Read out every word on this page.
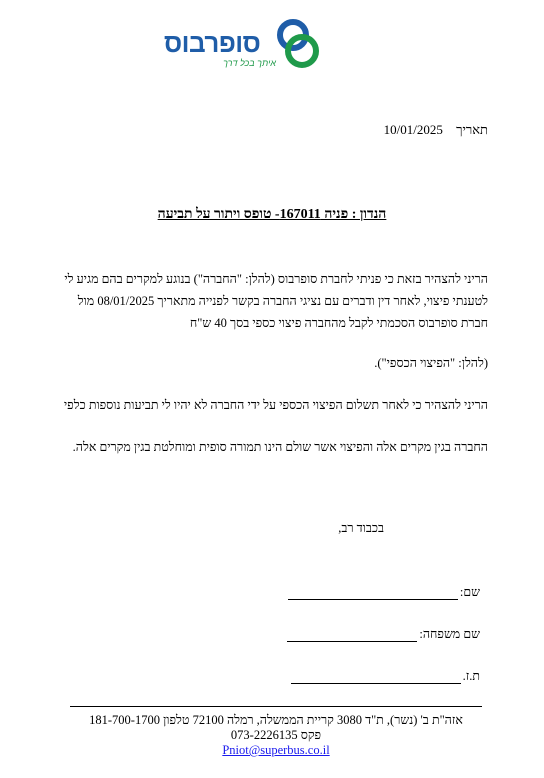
סופרבוס
איתך בכל דרך
תאריך 10/01/2025
הנדון : פניה 167011- טופס ויתור על תביעה
הריני להצהיר בזאת כי פניתי לחברת סופרבוס (להלן: "החברה") בנוגע למקרים בהם מגיע לי לטענתי פיצוי, לאחר דין ודברים עם נציגי החברה בקשר לפנייה מתאריך 08/01/2025 מול חברת סופרבוס הסכמתי לקבל מהחברה פיצוי כספי בסך 40 ש"ח
(להלן: "הפיצוי הכספי").
הריני להצהיר כי לאחר תשלום הפיצוי הכספי על ידי החברה לא יהיו לי תביעות נוספות כלפי
החברה בגין מקרים אלה והפיצוי אשר שולם הינו תמורה סופית ומוחלטת בגין מקרים אלה.
בכבוד רב,
שם:
שם משפחה:
ת.ז.
אזה"ת ב' (נשר), ת"ד 3080 קריית הממשלה, רמלה 72100 טלפון 181-700-1700
פקס 073-2226135
Pniot@superbus.co.il
